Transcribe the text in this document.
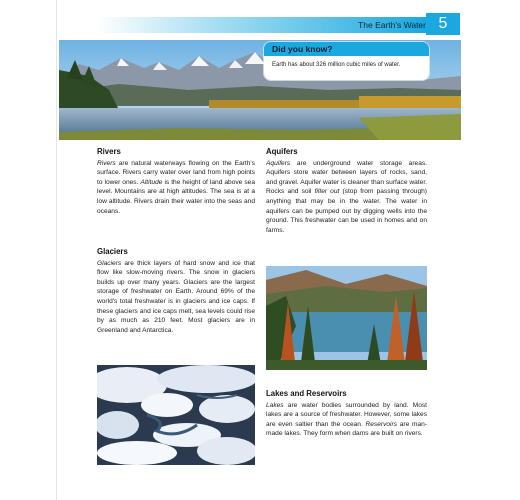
The Earth's Water 5
Did you know?
Earth has about 326 million cubic miles of water.
Rivers

Rivers are natural waterways flowing on the Earth's surface. Rivers carry water over land from high points to lower ones. Altitude is the height of land above sea level. Mountains are at high altitudes. The sea is at a low altitude. Rivers drain their water into the seas and oceans.

Glaciers

Glaciers are thick layers of hard snow and ice that flow like slow-moving rivers. The snow in glaciers builds up over many years. Glaciers are the largest storage of freshwater on Earth. Around 69% of the world's total freshwater is in glaciers and ice caps. If these glaciers and ice caps melt, sea levels could rise by as much as 210 feet. Most glaciers are in Greenland and Antarctica.

Aquifers

Aquifers are underground water storage areas. Aquifers store water between layers of rocks, sand, and gravel. Aquifer water is cleaner than surface water. Rocks and soil filter out (stop from passing through) anything that may be in the water. The water in aquifers can be pumped out by digging wells into the ground. This freshwater can be used in homes and on farms.

Lakes and Reservoirs

Lakes are water bodies surrounded by land. Most lakes are a source of freshwater. However, some lakes are even saltier than the ocean. Reservoirs are man-made lakes. They form when dams are built on rivers.
